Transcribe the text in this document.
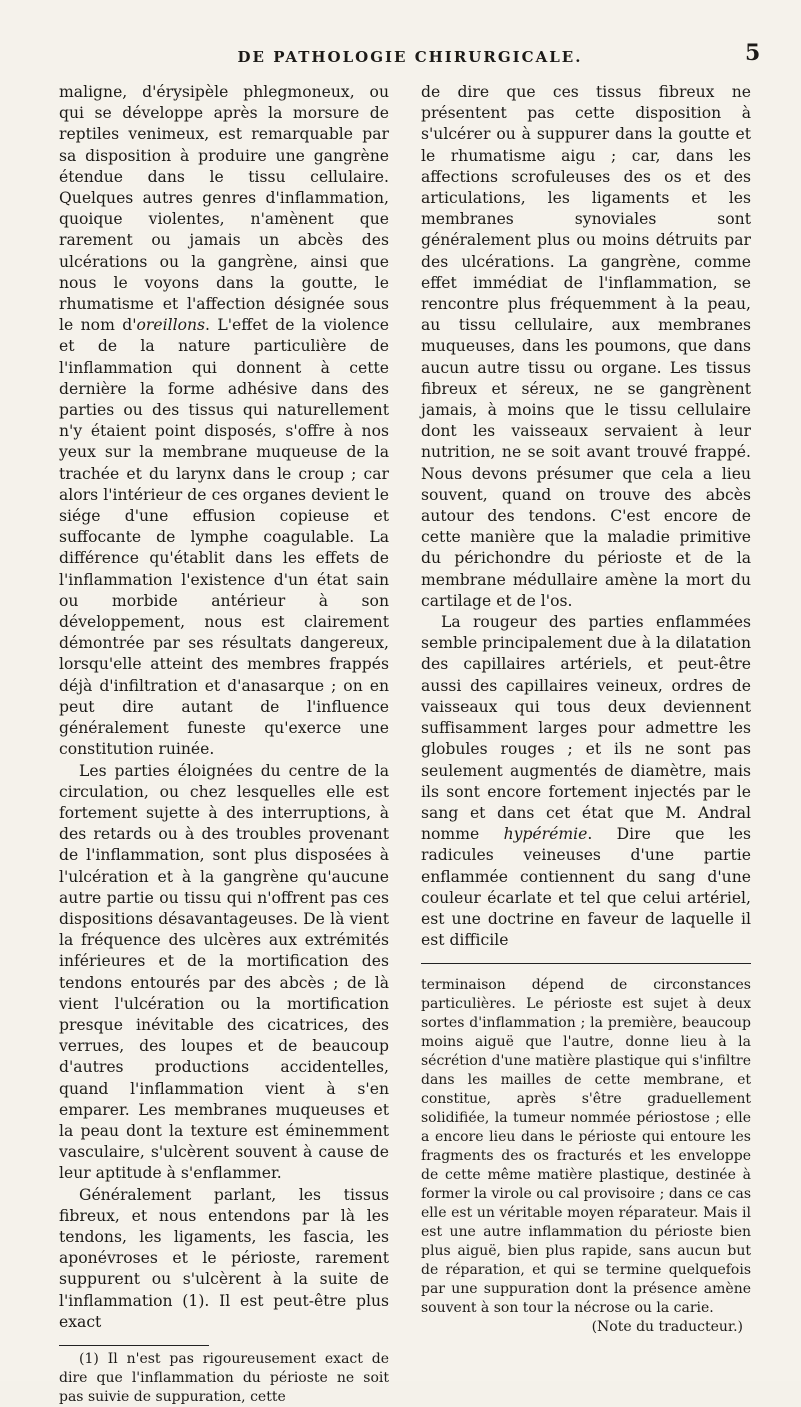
DE PATHOLOGIE CHIRURGICALE.	5

maligne, d'érysipèle phlegmoneux, ou qui se développe après la morsure de reptiles venimeux, est remarquable par sa disposition à produire une gangrène étendue dans le tissu cellulaire. Quelques autres genres d'inflammation, quoique violentes, n'amènent que rarement ou jamais un abcès des ulcérations ou la gangrène, ainsi que nous le voyons dans la goutte, le rhumatisme et l'affection désignée sous le nom d'oreillons. L'effet de la violence et de la nature particulière de l'inflammation qui donnent à cette dernière la forme adhésive dans des parties ou des tissus qui naturellement n'y étaient point disposés, s'offre à nos yeux sur la membrane muqueuse de la trachée et du larynx dans le croup ; car alors l'intérieur de ces organes devient le siége d'une effusion copieuse et suffocante de lymphe coagulable. La différence qu'établit dans les effets de l'inflammation l'existence d'un état sain ou morbide antérieur à son développement, nous est clairement démontrée par ses résultats dangereux, lorsqu'elle atteint des membres frappés déjà d'infiltration et d'anasarque ; on en peut dire autant de l'influence généralement funeste qu'exerce une constitution ruinée.

Les parties éloignées du centre de la circulation, ou chez lesquelles elle est fortement sujette à des interruptions, à des retards ou à des troubles provenant de l'inflammation, sont plus disposées à l'ulcération et à la gangrène qu'aucune autre partie ou tissu qui n'offrent pas ces dispositions désavantageuses. De là vient la fréquence des ulcères aux extrémités inférieures et de la mortification des tendons entourés par des abcès ; de là vient l'ulcération ou la mortification presque inévitable des cicatrices, des verrues, des loupes et de beaucoup d'autres productions accidentelles, quand l'inflammation vient à s'en emparer. Les membranes muqueuses et la peau dont la texture est éminemment vasculaire, s'ulcèrent souvent à cause de leur aptitude à s'enflammer.

Généralement parlant, les tissus fibreux, et nous entendons par là les tendons, les ligaments, les fascia, les aponévroses et le périoste, rarement suppurent ou s'ulcèrent à la suite de l'inflammation (1). Il est peut-être plus exact

(1) Il n'est pas rigoureusement exact de dire que l'inflammation du périoste ne soit pas suivie de suppuration, cette

de dire que ces tissus fibreux ne présentent pas cette disposition à s'ulcérer ou à suppurer dans la goutte et le rhumatisme aigu ; car, dans les affections scrofuleuses des os et des articulations, les ligaments et les membranes synoviales sont généralement plus ou moins détruits par des ulcérations. La gangrène, comme effet immédiat de l'inflammation, se rencontre plus fréquemment à la peau, au tissu cellulaire, aux membranes muqueuses, dans les poumons, que dans aucun autre tissu ou organe. Les tissus fibreux et séreux, ne se gangrènent jamais, à moins que le tissu cellulaire dont les vaisseaux servaient à leur nutrition, ne se soit avant trouvé frappé. Nous devons présumer que cela a lieu souvent, quand on trouve des abcès autour des tendons. C'est encore de cette manière que la maladie primitive du périchondre du périoste et de la membrane médullaire amène la mort du cartilage et de l'os.

La rougeur des parties enflammées semble principalement due à la dilatation des capillaires artériels, et peut-être aussi des capillaires veineux, ordres de vaisseaux qui tous deux deviennent suffisamment larges pour admettre les globules rouges ; et ils ne sont pas seulement augmentés de diamètre, mais ils sont encore fortement injectés par le sang et dans cet état que M. Andral nomme hypérémie. Dire que les radicules veineuses d'une partie enflammée contiennent du sang d'une couleur écarlate et tel que celui artériel, est une doctrine en faveur de laquelle il est difficile

terminaison dépend de circonstances particulières. Le périoste est sujet à deux sortes d'inflammation ; la première, beaucoup moins aiguë que l'autre, donne lieu à la sécrétion d'une matière plastique qui s'infiltre dans les mailles de cette membrane, et constitue, après s'être graduellement solidifiée, la tumeur nommée périostose ; elle a encore lieu dans le périoste qui entoure les fragments des os fracturés et les enveloppe de cette même matière plastique, destinée à former la virole ou cal provisoire ; dans ce cas elle est un véritable moyen réparateur. Mais il est une autre inflammation du périoste bien plus aiguë, bien plus rapide, sans aucun but de réparation, et qui se termine quelquefois par une suppuration dont la présence amène souvent à son tour la nécrose ou la carie.

(Note du traducteur.)
